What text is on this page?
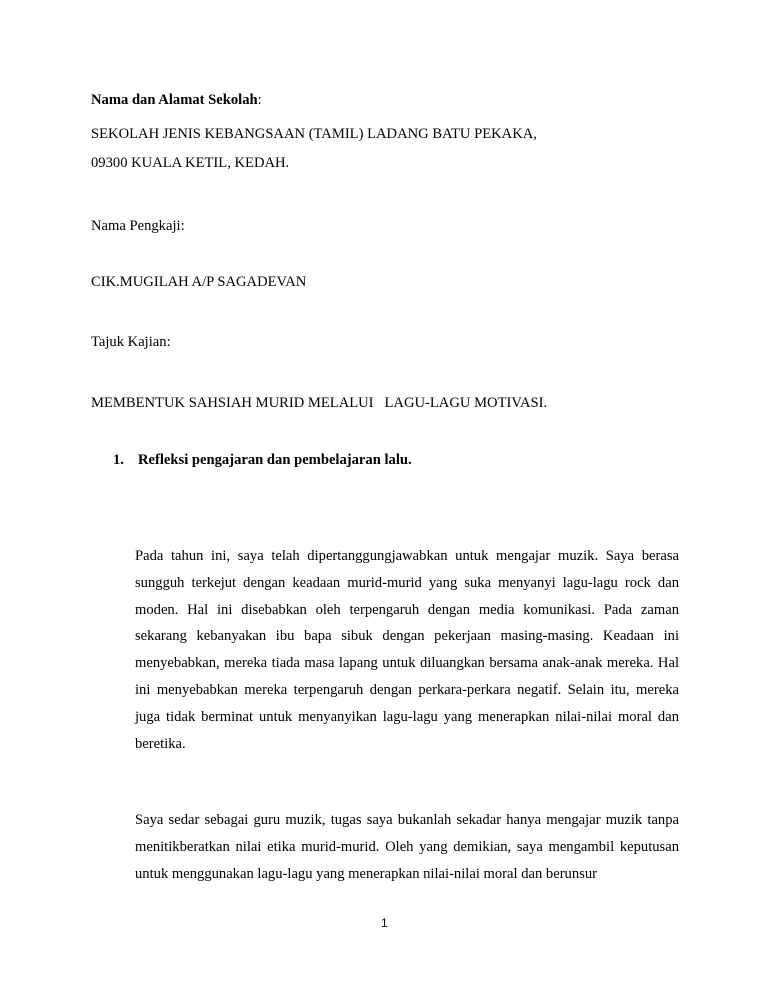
Nama dan Alamat Sekolah:
SEKOLAH JENIS KEBANGSAAN (TAMIL) LADANG BATU PEKAKA,
09300 KUALA KETIL, KEDAH.
Nama Pengkaji:
CIK.MUGILAH A/P SAGADEVAN
Tajuk Kajian:
MEMBENTUK SAHSIAH MURID MELALUI   LAGU-LAGU MOTIVASI.
1. Refleksi pengajaran dan pembelajaran lalu.
Pada tahun ini, saya telah dipertanggungjawabkan untuk mengajar muzik. Saya berasa sungguh terkejut dengan keadaan murid-murid yang suka menyanyi lagu-lagu rock dan moden. Hal ini disebabkan oleh terpengaruh dengan media komunikasi. Pada zaman sekarang kebanyakan ibu bapa sibuk dengan pekerjaan masing-masing. Keadaan ini menyebabkan, mereka tiada masa lapang untuk diluangkan bersama anak-anak mereka. Hal ini menyebabkan mereka terpengaruh dengan perkara-perkara negatif. Selain itu, mereka juga tidak berminat untuk menyanyikan lagu-lagu yang menerapkan nilai-nilai moral dan beretika.
Saya sedar sebagai guru muzik, tugas saya bukanlah sekadar hanya mengajar muzik tanpa menitikberatkan nilai etika murid-murid. Oleh yang demikian, saya mengambil keputusan untuk menggunakan lagu-lagu yang menerapkan nilai-nilai moral dan berunsur
1
